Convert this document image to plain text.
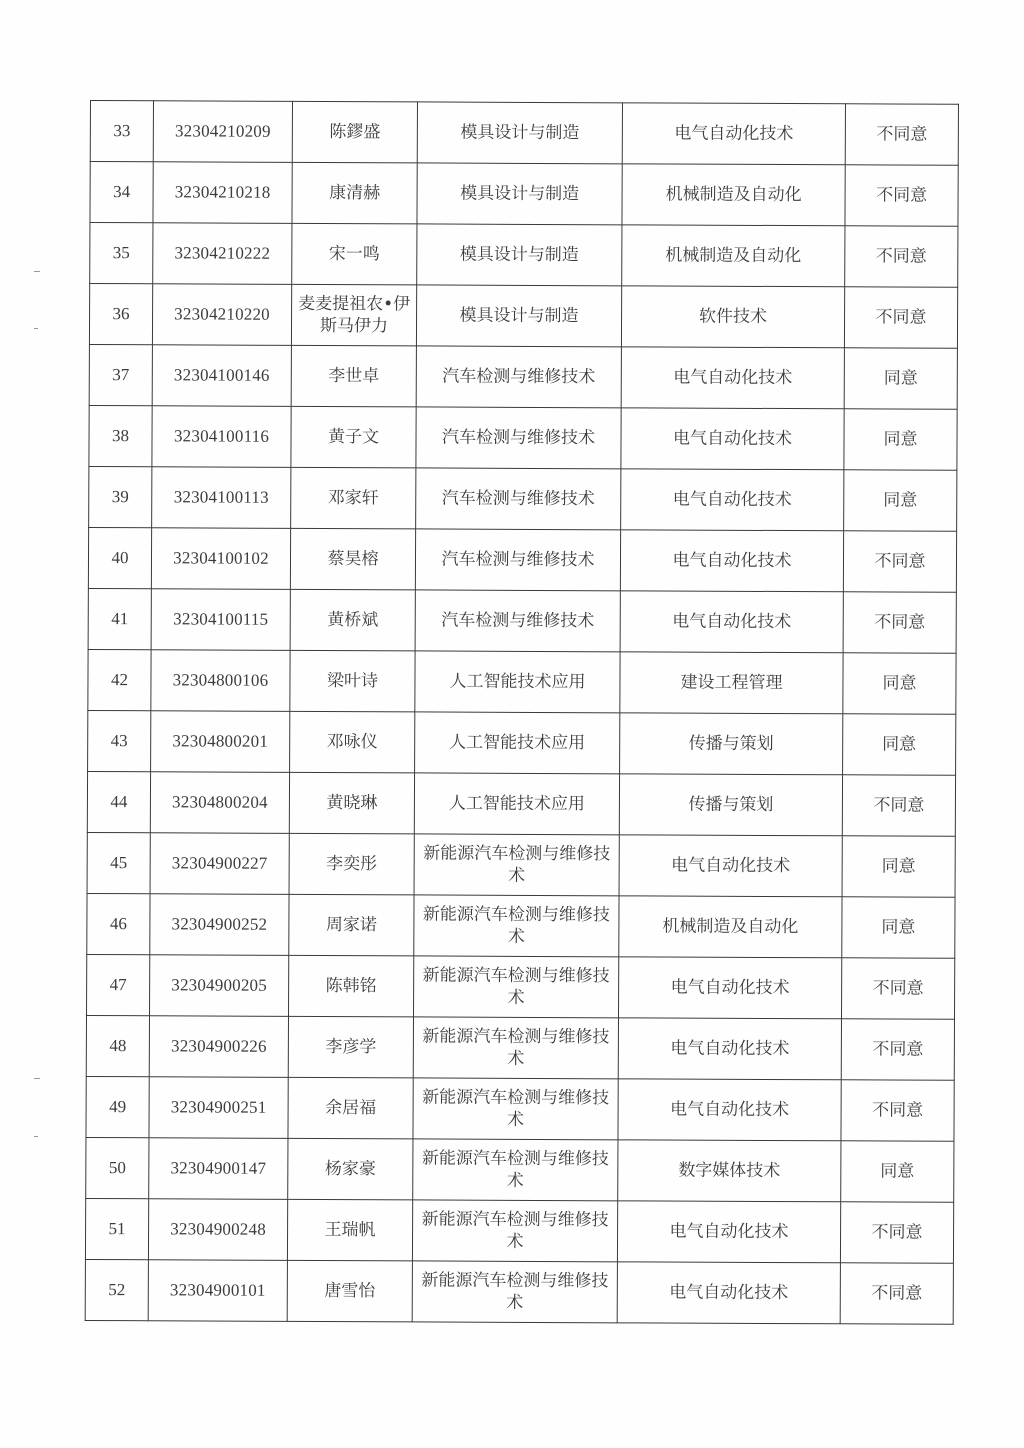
33	32304210209	陈鏐盛	模具设计与制造	电气自动化技术	不同意
34	32304210218	康清赫	模具设计与制造	机械制造及自动化	不同意
35	32304210222	宋一鸣	模具设计与制造	机械制造及自动化	不同意
36	32304210220	麦麦提祖农•伊斯马伊力	模具设计与制造	软件技术	不同意
37	32304100146	李世卓	汽车检测与维修技术	电气自动化技术	同意
38	32304100116	黄子文	汽车检测与维修技术	电气自动化技术	同意
39	32304100113	邓家轩	汽车检测与维修技术	电气自动化技术	同意
40	32304100102	蔡昊榕	汽车检测与维修技术	电气自动化技术	不同意
41	32304100115	黄桥斌	汽车检测与维修技术	电气自动化技术	不同意
42	32304800106	梁叶诗	人工智能技术应用	建设工程管理	同意
43	32304800201	邓咏仪	人工智能技术应用	传播与策划	同意
44	32304800204	黄晓琳	人工智能技术应用	传播与策划	不同意
45	32304900227	李奕彤	新能源汽车检测与维修技术	电气自动化技术	同意
46	32304900252	周家诺	新能源汽车检测与维修技术	机械制造及自动化	同意
47	32304900205	陈韩铭	新能源汽车检测与维修技术	电气自动化技术	不同意
48	32304900226	李彦学	新能源汽车检测与维修技术	电气自动化技术	不同意
49	32304900251	余居福	新能源汽车检测与维修技术	电气自动化技术	不同意
50	32304900147	杨家豪	新能源汽车检测与维修技术	数字媒体技术	同意
51	32304900248	王瑞帆	新能源汽车检测与维修技术	电气自动化技术	不同意
52	32304900101	唐雪怡	新能源汽车检测与维修技术	电气自动化技术	不同意
